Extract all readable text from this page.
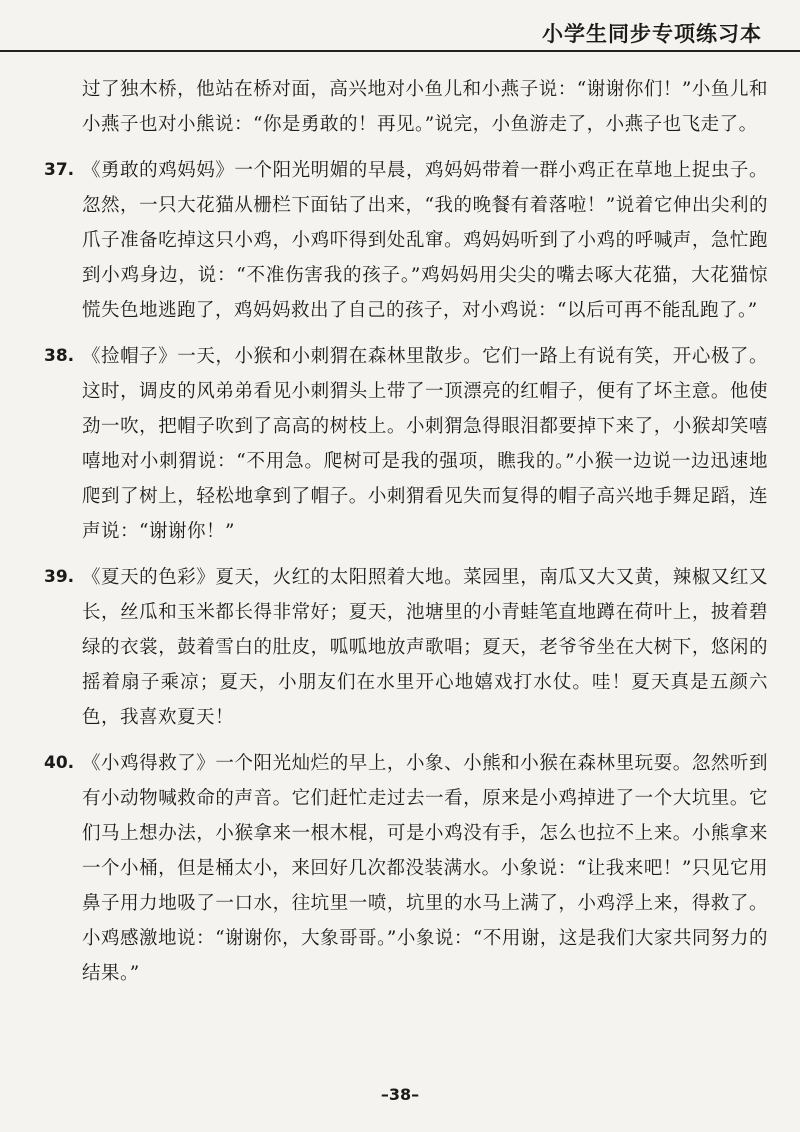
小学生同步专项练习本

过了独木桥，他站在桥对面，高兴地对小鱼儿和小燕子说：“谢谢你们！”小鱼儿和小燕子也对小熊说：“你是勇敢的！再见。”说完，小鱼游走了，小燕子也飞走了。

37. 《勇敢的鸡妈妈》一个阳光明媚的早晨，鸡妈妈带着一群小鸡正在草地上捉虫子。忽然，一只大花猫从栅栏下面钻了出来，“我的晚餐有着落啦！”说着它伸出尖利的爪子准备吃掉这只小鸡，小鸡吓得到处乱窜。鸡妈妈听到了小鸡的呼喊声，急忙跑到小鸡身边，说：“不准伤害我的孩子。”鸡妈妈用尖尖的嘴去啄大花猫，大花猫惊慌失色地逃跑了，鸡妈妈救出了自己的孩子，对小鸡说：“以后可再不能乱跑了。”

38. 《捡帽子》一天，小猴和小刺猬在森林里散步。它们一路上有说有笑，开心极了。这时，调皮的风弟弟看见小刺猬头上带了一顶漂亮的红帽子，便有了坏主意。他使劲一吹，把帽子吹到了高高的树枝上。小刺猬急得眼泪都要掉下来了，小猴却笑嘻嘻地对小刺猬说：“不用急。爬树可是我的强项，瞧我的。”小猴一边说一边迅速地爬到了树上，轻松地拿到了帽子。小刺猬看见失而复得的帽子高兴地手舞足蹈，连声说：“谢谢你！”

39. 《夏天的色彩》夏天，火红的太阳照着大地。菜园里，南瓜又大又黄，辣椒又红又长，丝瓜和玉米都长得非常好；夏天，池塘里的小青蛙笔直地蹲在荷叶上，披着碧绿的衣裳，鼓着雪白的肚皮，呱呱地放声歌唱；夏天，老爷爷坐在大树下，悠闲的摇着扇子乘凉；夏天，小朋友们在水里开心地嬉戏打水仗。哇！夏天真是五颜六色，我喜欢夏天！

40. 《小鸡得救了》一个阳光灿烂的早上，小象、小熊和小猴在森林里玩耍。忽然听到有小动物喊救命的声音。它们赶忙走过去一看，原来是小鸡掉进了一个大坑里。它们马上想办法，小猴拿来一根木棍，可是小鸡没有手，怎么也拉不上来。小熊拿来一个小桶，但是桶太小，来回好几次都没装满水。小象说：“让我来吧！”只见它用鼻子用力地吸了一口水，往坑里一喷，坑里的水马上满了，小鸡浮上来，得救了。小鸡感激地说：“谢谢你，大象哥哥。”小象说：“不用谢，这是我们大家共同努力的结果。”

–38–
